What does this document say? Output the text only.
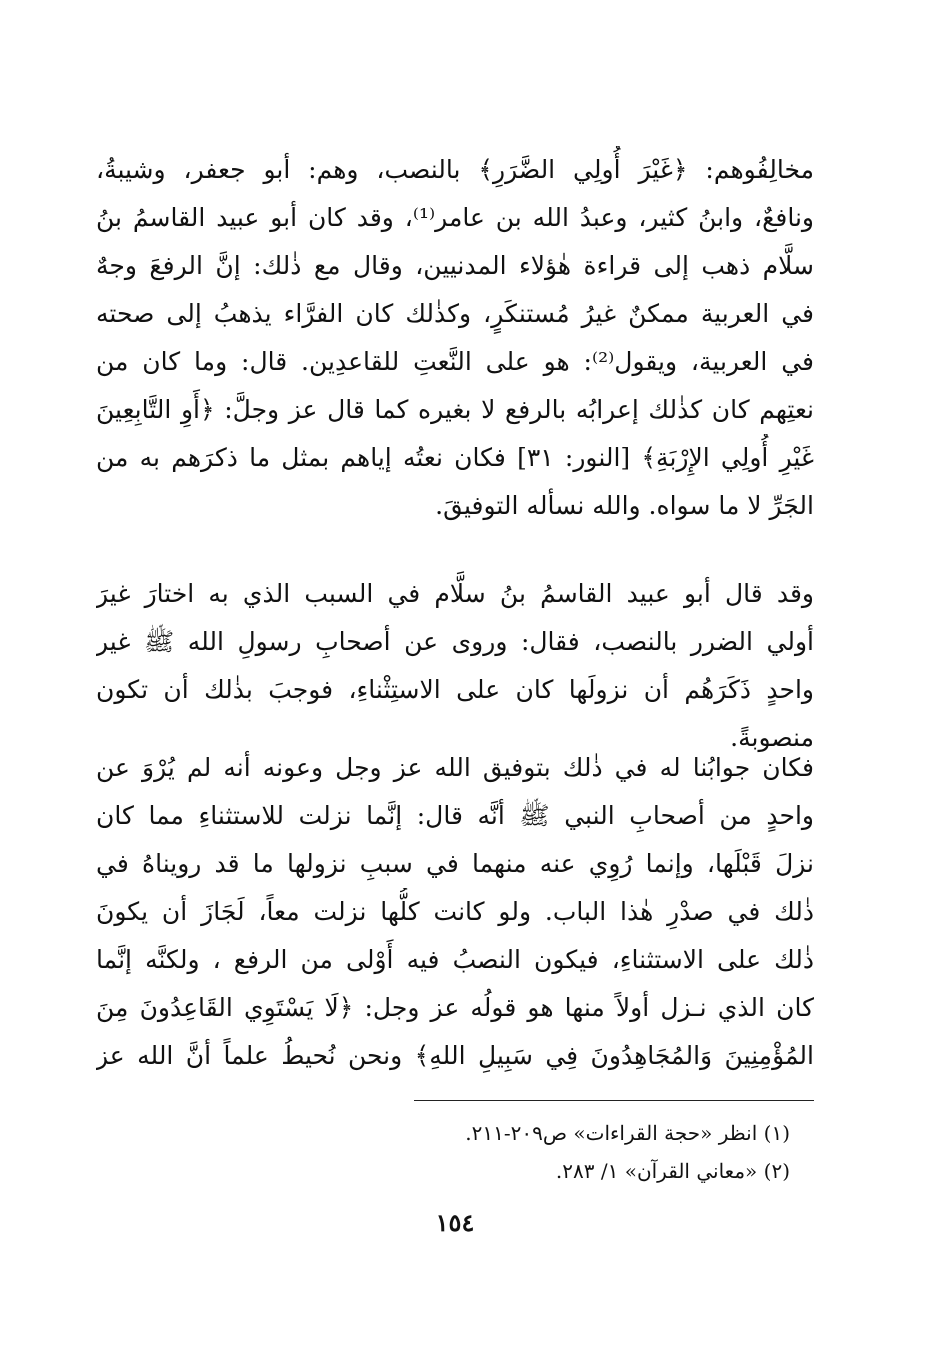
مخالِفُوهم: ﴿غَيْرَ أُولِي الضَّرَرِ﴾ بالنصب، وهم: أبو جعفر، وشيبةُ،
ونافعٌ، وابنُ كثير، وعبدُ الله بن عامر⁽¹⁾، وقد كان أبو عبيد القاسمُ بنُ
سلَّام ذهب إلى قراءة هٰؤلاء المدنيين، وقال مع ذٰلك: إنَّ الرفعَ وجهٌ
في العربية ممكنٌ غيرُ مُستنكَرٍ، وكذٰلك كان الفرَّاء يذهبُ إلى صحته
في العربية، ويقول⁽²⁾: هو على النَّعتِ للقاعدِين. قال: وما كان من
نعتِهم كان كذٰلك إعرابُه بالرفع لا بغيره كما قال عز وجلَّ: ﴿أَوِ التَّابِعِينَ
غَيْرِ أُولِي الإِرْبَةِ﴾ [النور: ٣١] فكان نعتُه إياهم بمثل ما ذكرَهم به من
الجَرِّ لا ما سواه. والله نسأله التوفيقَ.
وقد قال أبو عبيد القاسمُ بنُ سلَّام في السبب الذي به اختارَ غيرَ
أولي الضرر بالنصب، فقال: وروى عن أصحابِ رسولِ الله ﷺ غير
واحدٍ ذَكَرَهُم أن نزولَها كان على الاستِثْناءِ، فوجبَ بذٰلك أن تكون
منصوبةً.
فكان جوابُنا له في ذٰلك بتوفيق الله عز وجل وعونه أنه لم يُرْوَ عن
واحدٍ من أصحابِ النبي ﷺ أنَّه قال: إنَّما نزلت للاستثناءِ مما كان
نزلَ قَبْلَها، وإنما رُوِي عنه منهما في سببِ نزولها ما قد رويناهُ في
ذٰلك في صدْرِ هٰذا الباب. ولو كانت كلُّها نزلت معاً، لَجَازَ أن يكونَ
ذٰلك على الاستثناءِ، فيكون النصبُ فيه أَوْلى من الرفع ، ولكنَّه إنَّما
كان الذي نـزل أولاً منها هو قولُه عز وجل: ﴿لَا يَسْتَوِي القَاعِدُونَ مِنَ
المُؤْمِنِينَ وَالمُجَاهِدُونَ فِي سَبِيلِ اللهِ﴾ ونحن نُحيطُ علماً أنَّ الله عز
(١) انظر «حجة القراءات» ص٢٠٩-٢١١.
(٢) «معاني القرآن» ١/ ٢٨٣.
١٥٤
